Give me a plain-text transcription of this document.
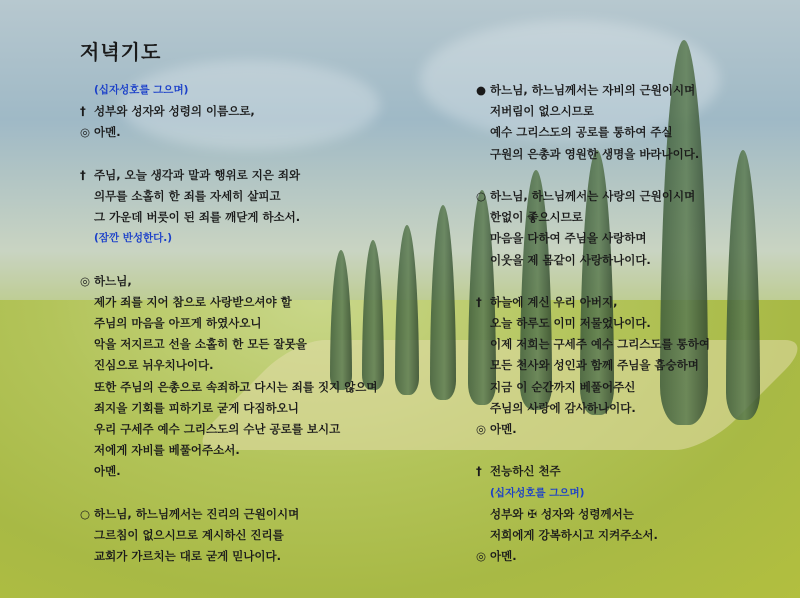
저녁기도
(십자성호를 그으며)
† 성부와 성자와 성령의 이름으로,
◎ 아멘.
† 주님, 오늘 생각과 말과 행위로 지은 죄와
의무를 소홀히 한 죄를 자세히 살피고
그 가운데 버릇이 된 죄를 깨닫게 하소서.
(잠깐 반성한다.)
◎ 하느님,
제가 죄를 지어 참으로 사랑받으셔야 할
주님의 마음을 아프게 하였사오니
악을 저지르고 선을 소홀히 한 모든 잘못을
진심으로 뉘우치나이다.
또한 주님의 은총으로 속죄하고 다시는 죄를 짓지 않으며
죄지을 기회를 피하기로 굳게 다짐하오니
우리 구세주 예수 그리스도의 수난 공로를 보시고
저에게 자비를 베풀어주소서.
아멘.
○ 하느님, 하느님께서는 진리의 근원이시며
그르침이 없으시므로 계시하신 진리를
교회가 가르치는 대로 굳게 믿나이다.
● 하느님, 하느님께서는 자비의 근원이시며
저버림이 없으시므로
예수 그리스도의 공로를 통하여 주실
구원의 은총과 영원한 생명을 바라나이다.
○ 하느님, 하느님께서는 사랑의 근원이시며
한없이 좋으시므로
마음을 다하여 주님을 사랑하며
이웃을 제 몸같이 사랑하나이다.
† 하늘에 계신 우리 아버지,
오늘 하루도 이미 저물었나이다.
이제 저희는 구세주 예수 그리스도를 통하여
모든 천사와 성인과 함께 주님을 흠숭하며
지금 이 순간까지 베풀어주신
주님의 사랑에 감사하나이다.
◎ 아멘.
† 전능하신 천주
(십자성호를 그으며)
성부와 ✠ 성자와 성령께서는
저희에게 강복하시고 지켜주소서.
◎ 아멘.
